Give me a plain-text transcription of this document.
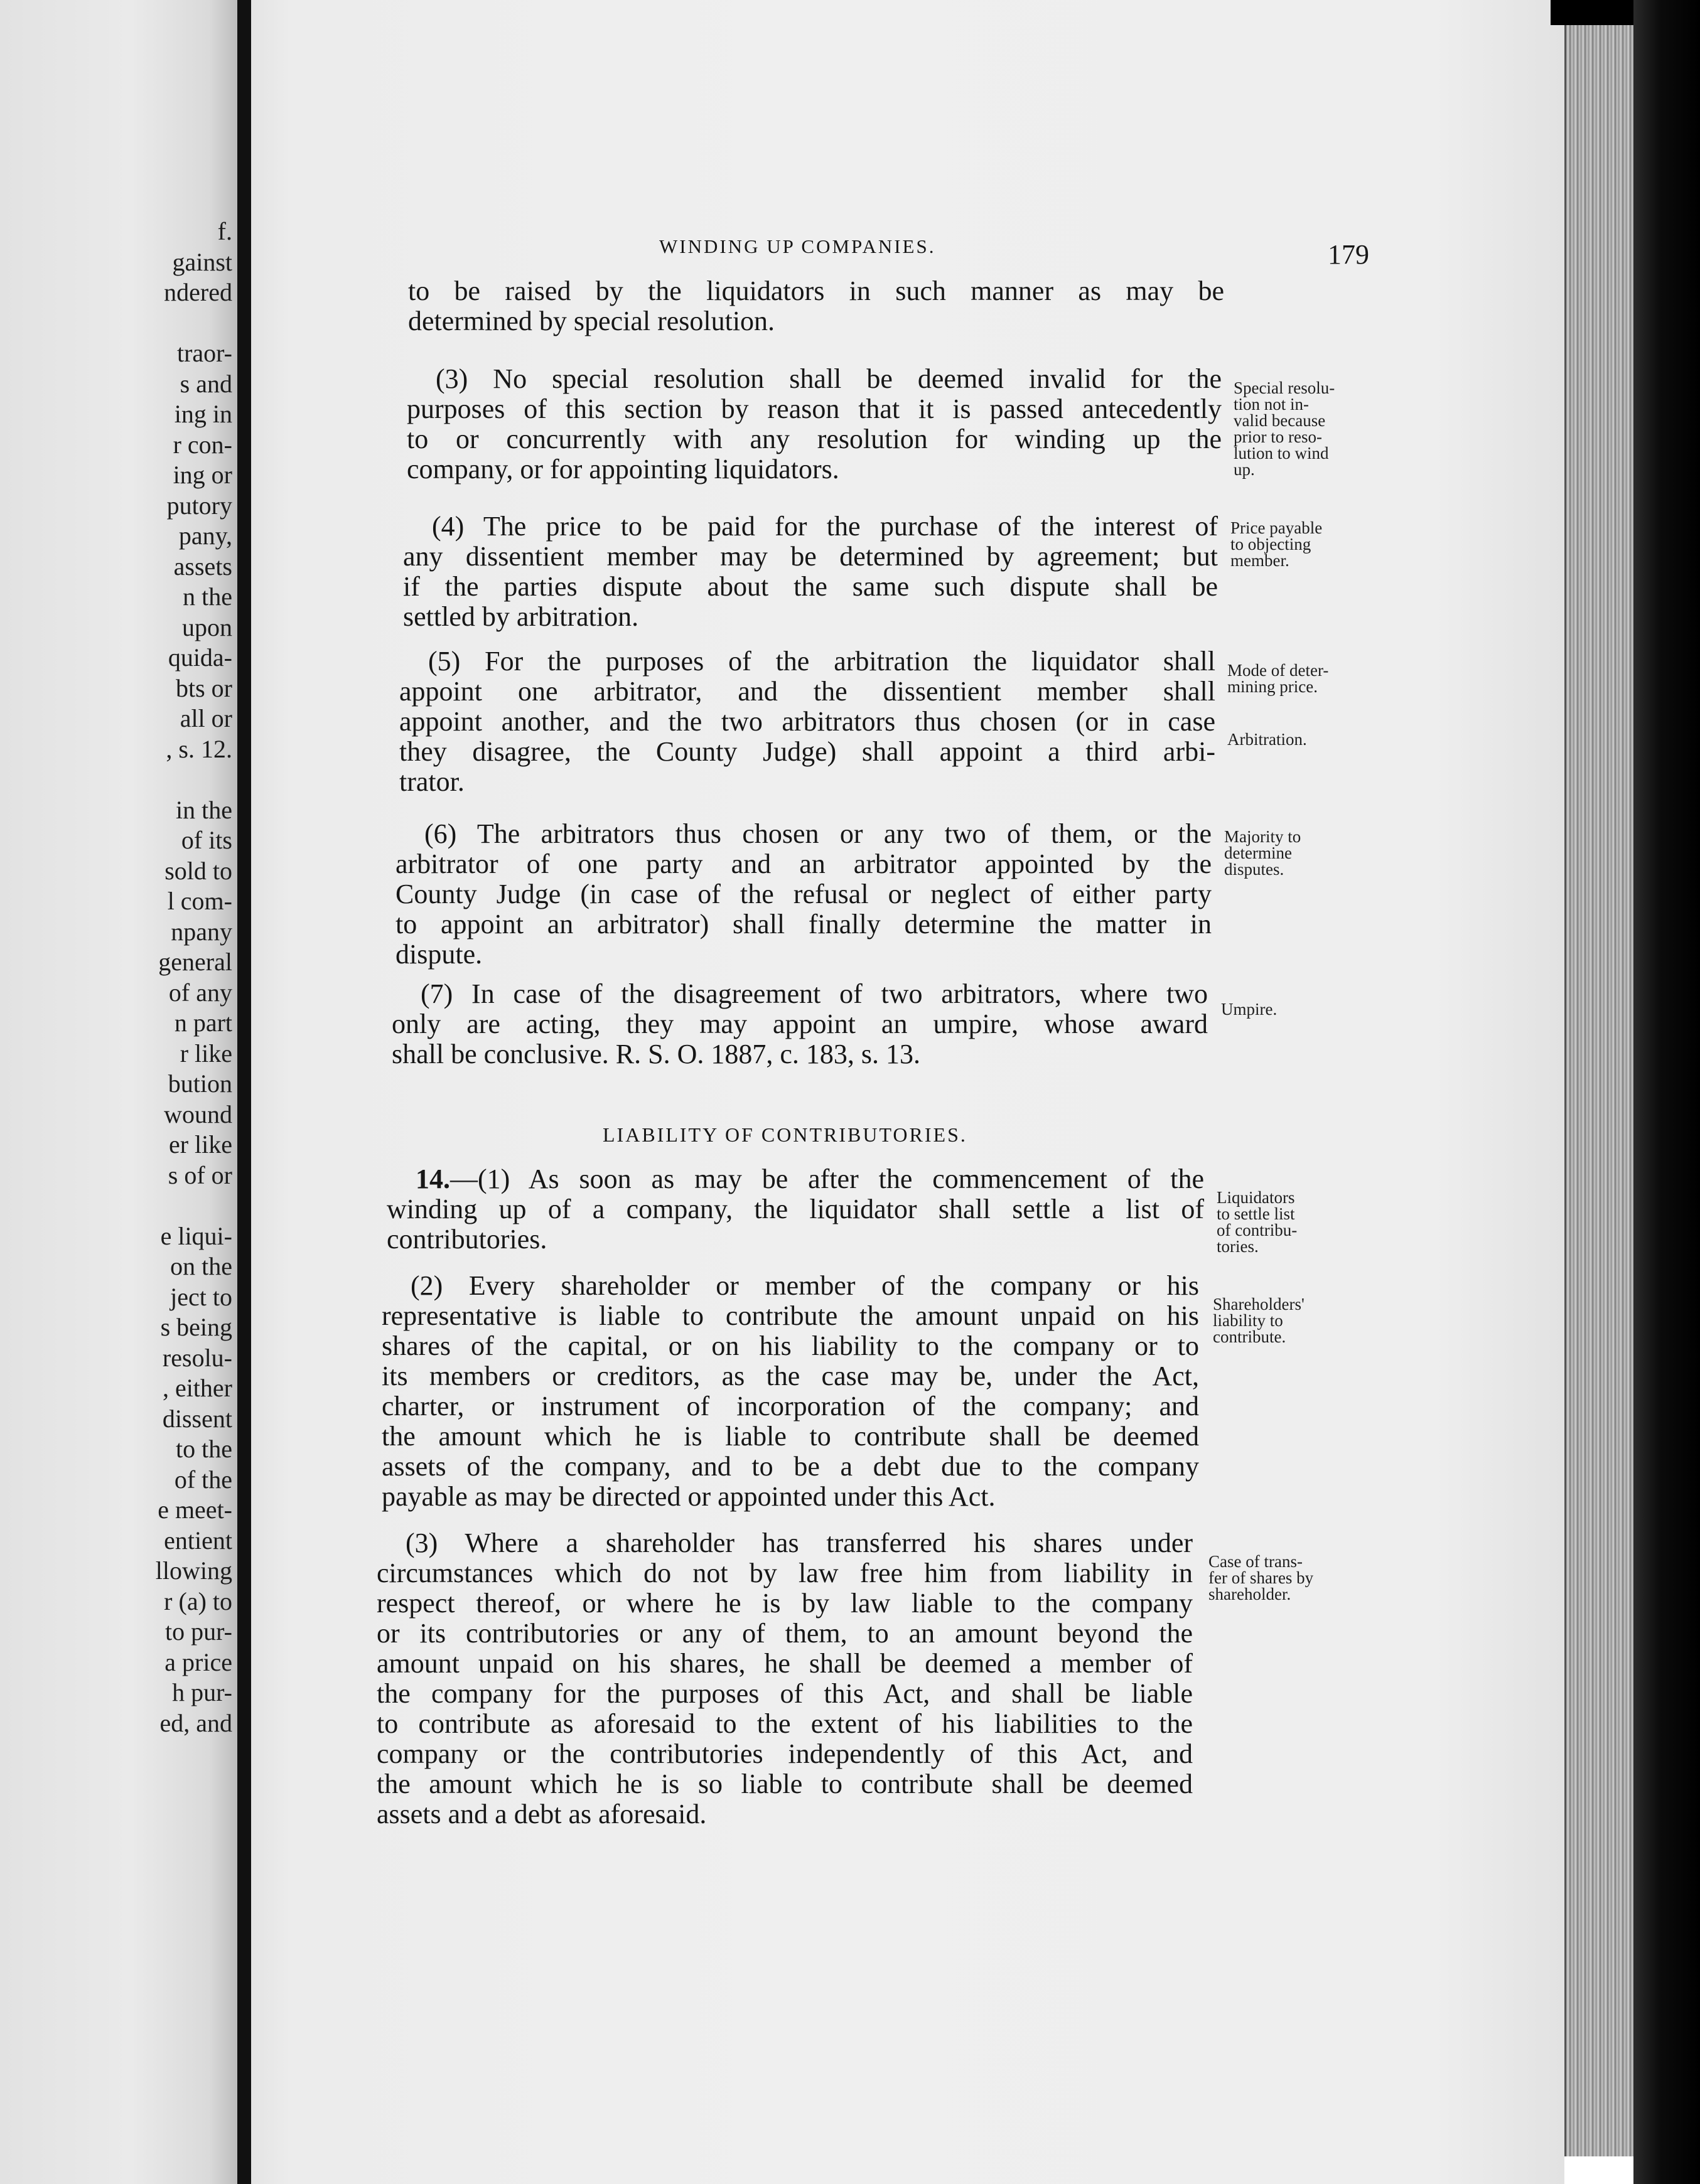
f.
gainst
ndered
traor-
s and
ing in
r con-
ing or
putory
pany,
assets
n the
upon
quida-
bts or
all or
, s. 12.
in the
of its
sold to
l com-
npany
general
of any
n part
r like
bution
wound
er like
s of or
e liqui-
on the
ject to
s being
resolu-
, either
dissent
to the
of the
e meet-
entient
llowing
r (a) to
to pur-
a price
h pur-
ed, and
WINDING UP COMPANIES.	179
to be raised by the liquidators in such manner as may be
determined by special resolution.
(3) No special resolution shall be deemed invalid for the
purposes of this section by reason that it is passed antecedently
to or concurrently with any resolution for winding up the
company, or for appointing liquidators.
(4) The price to be paid for the purchase of the interest of
any dissentient member may be determined by agreement; but
if the parties dispute about the same such dispute shall be
settled by arbitration.
(5) For the purposes of the arbitration the liquidator shall
appoint one arbitrator, and the dissentient member shall
appoint another, and the two arbitrators thus chosen (or in case
they disagree, the County Judge) shall appoint a third arbi-
trator.
(6) The arbitrators thus chosen or any two of them, or the
arbitrator of one party and an arbitrator appointed by the
County Judge (in case of the refusal or neglect of either party
to appoint an arbitrator) shall finally determine the matter in
dispute.
(7) In case of the disagreement of two arbitrators, where two
only are acting, they may appoint an umpire, whose award
shall be conclusive. R. S. O. 1887, c. 183, s. 13.
LIABILITY OF CONTRIBUTORIES.
14.—(1) As soon as may be after the commencement of the
winding up of a company, the liquidator shall settle a list of
contributories.
(2) Every shareholder or member of the company or his
representative is liable to contribute the amount unpaid on his
shares of the capital, or on his liability to the company or to
its members or creditors, as the case may be, under the Act,
charter, or instrument of incorporation of the company; and
the amount which he is liable to contribute shall be deemed
assets of the company, and to be a debt due to the company
payable as may be directed or appointed under this Act.
(3) Where a shareholder has transferred his shares under
circumstances which do not by law free him from liability in
respect thereof, or where he is by law liable to the company
or its contributories or any of them, to an amount beyond the
amount unpaid on his shares, he shall be deemed a member of
the company for the purposes of this Act, and shall be liable
to contribute as aforesaid to the extent of his liabilities to the
company or the contributories independently of this Act, and
the amount which he is so liable to contribute shall be deemed
assets and a debt as aforesaid.
Special resolu-
tion not in-
valid because
prior to reso-
lution to wind
up.
Price payable
to objecting
member.
Mode of deter-
mining price.
Arbitration.
Majority to
determine
disputes.
Umpire.
Liquidators
to settle list
of contribu-
tories.
Shareholders'
liability to
contribute.
Case of trans-
fer of shares by
shareholder.
